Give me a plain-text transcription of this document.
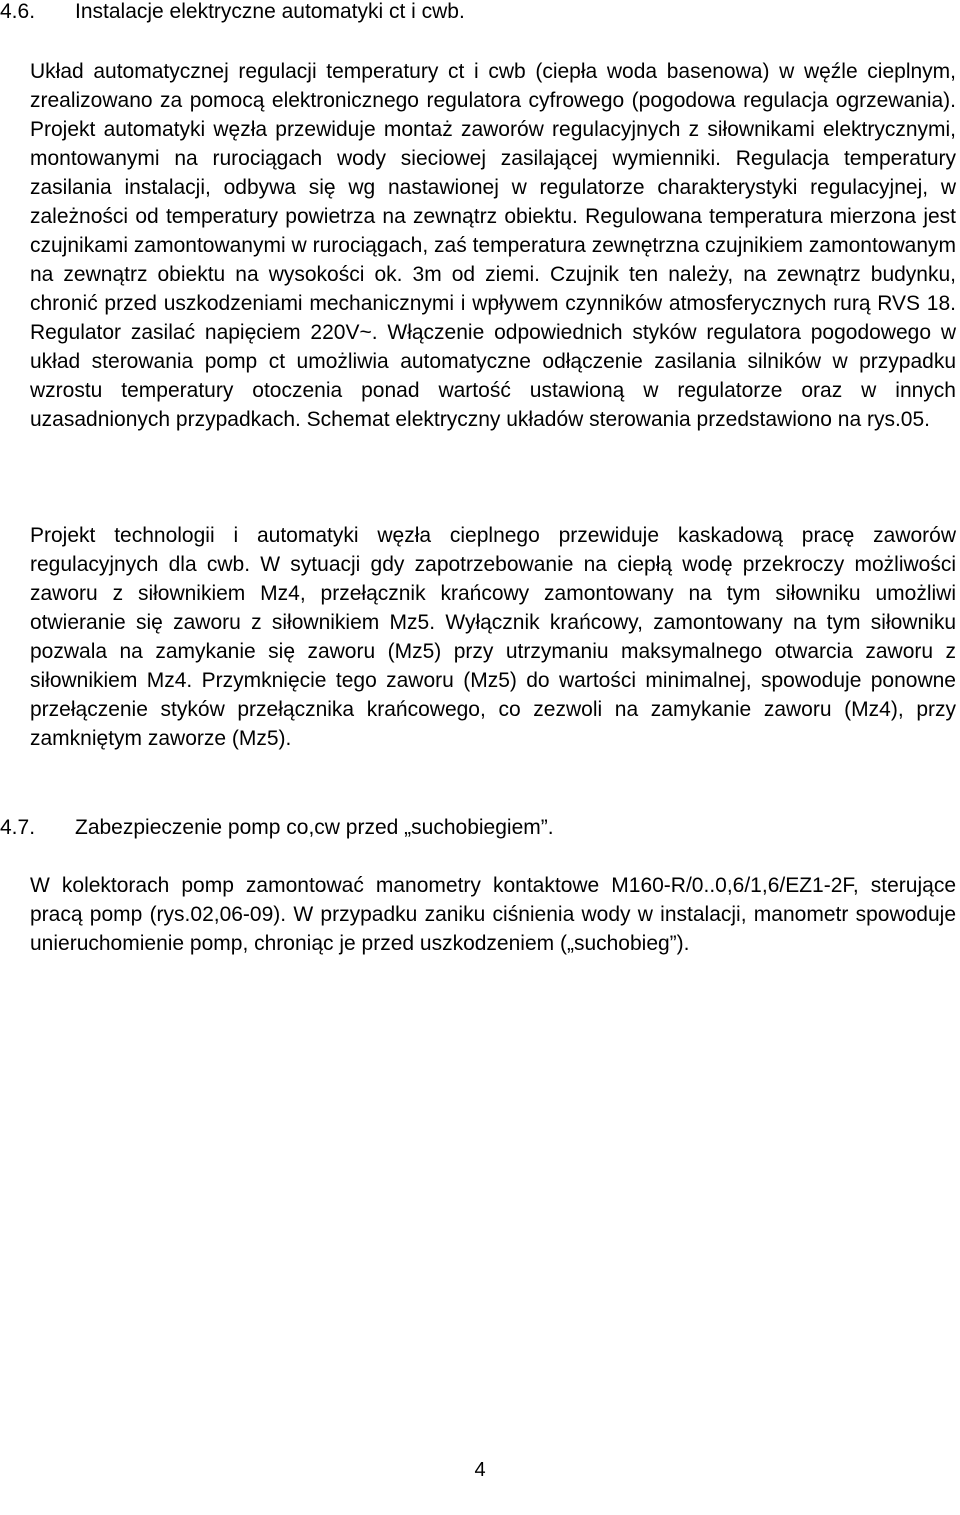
4.6. Instalacje elektryczne automatyki ct i cwb.

Układ automatycznej regulacji temperatury ct i cwb (ciepła woda basenowa) w węźle cieplnym, zrealizowano za pomocą elektronicznego regulatora cyfrowego (pogodowa regulacja ogrzewania). Projekt automatyki węzła przewiduje montaż zaworów regulacyjnych z siłownikami elektrycznymi, montowanymi na rurociągach wody sieciowej zasilającej wymienniki. Regulacja temperatury zasilania instalacji, odbywa się wg nastawionej w regulatorze charakterystyki regulacyjnej, w zależności od temperatury powietrza na zewnątrz obiektu. Regulowana temperatura mierzona jest czujnikami zamontowanymi w rurociągach, zaś temperatura zewnętrzna czujnikiem zamontowanym na zewnątrz obiektu na wysokości ok. 3m od ziemi. Czujnik ten należy, na zewnątrz budynku, chronić przed uszkodzeniami mechanicznymi i wpływem czynników atmosferycznych rurą RVS 18. Regulator zasilać napięciem 220V~. Włączenie odpowiednich styków regulatora pogodowego w układ sterowania pomp ct umożliwia automatyczne odłączenie zasilania silników w przypadku wzrostu temperatury otoczenia ponad wartość ustawioną w regulatorze oraz w innych uzasadnionych przypadkach. Schemat elektryczny układów sterowania przedstawiono na rys.05.

Projekt technologii i automatyki węzła cieplnego przewiduje kaskadową pracę zaworów regulacyjnych dla cwb. W sytuacji gdy zapotrzebowanie na ciepłą wodę przekroczy możliwości zaworu z siłownikiem Mz4, przełącznik krańcowy zamontowany na tym siłowniku umożliwi otwieranie się zaworu z siłownikiem Mz5. Wyłącznik krańcowy, zamontowany na tym siłowniku pozwala na zamykanie się zaworu (Mz5) przy utrzymaniu maksymalnego otwarcia zaworu z siłownikiem Mz4. Przymknięcie tego zaworu (Mz5) do wartości minimalnej, spowoduje ponowne przełączenie styków przełącznika krańcowego, co zezwoli na zamykanie zaworu (Mz4), przy zamkniętym zaworze (Mz5).

4.7. Zabezpieczenie pomp co,cw przed „suchobiegiem”.

W kolektorach pomp zamontować manometry kontaktowe M160-R/0..0,6/1,6/EZ1-2F, sterujące pracą pomp (rys.02,06-09). W przypadku zaniku ciśnienia wody w instalacji, manometr spowoduje unieruchomienie pomp, chroniąc je przed uszkodzeniem („suchobieg”).

4
